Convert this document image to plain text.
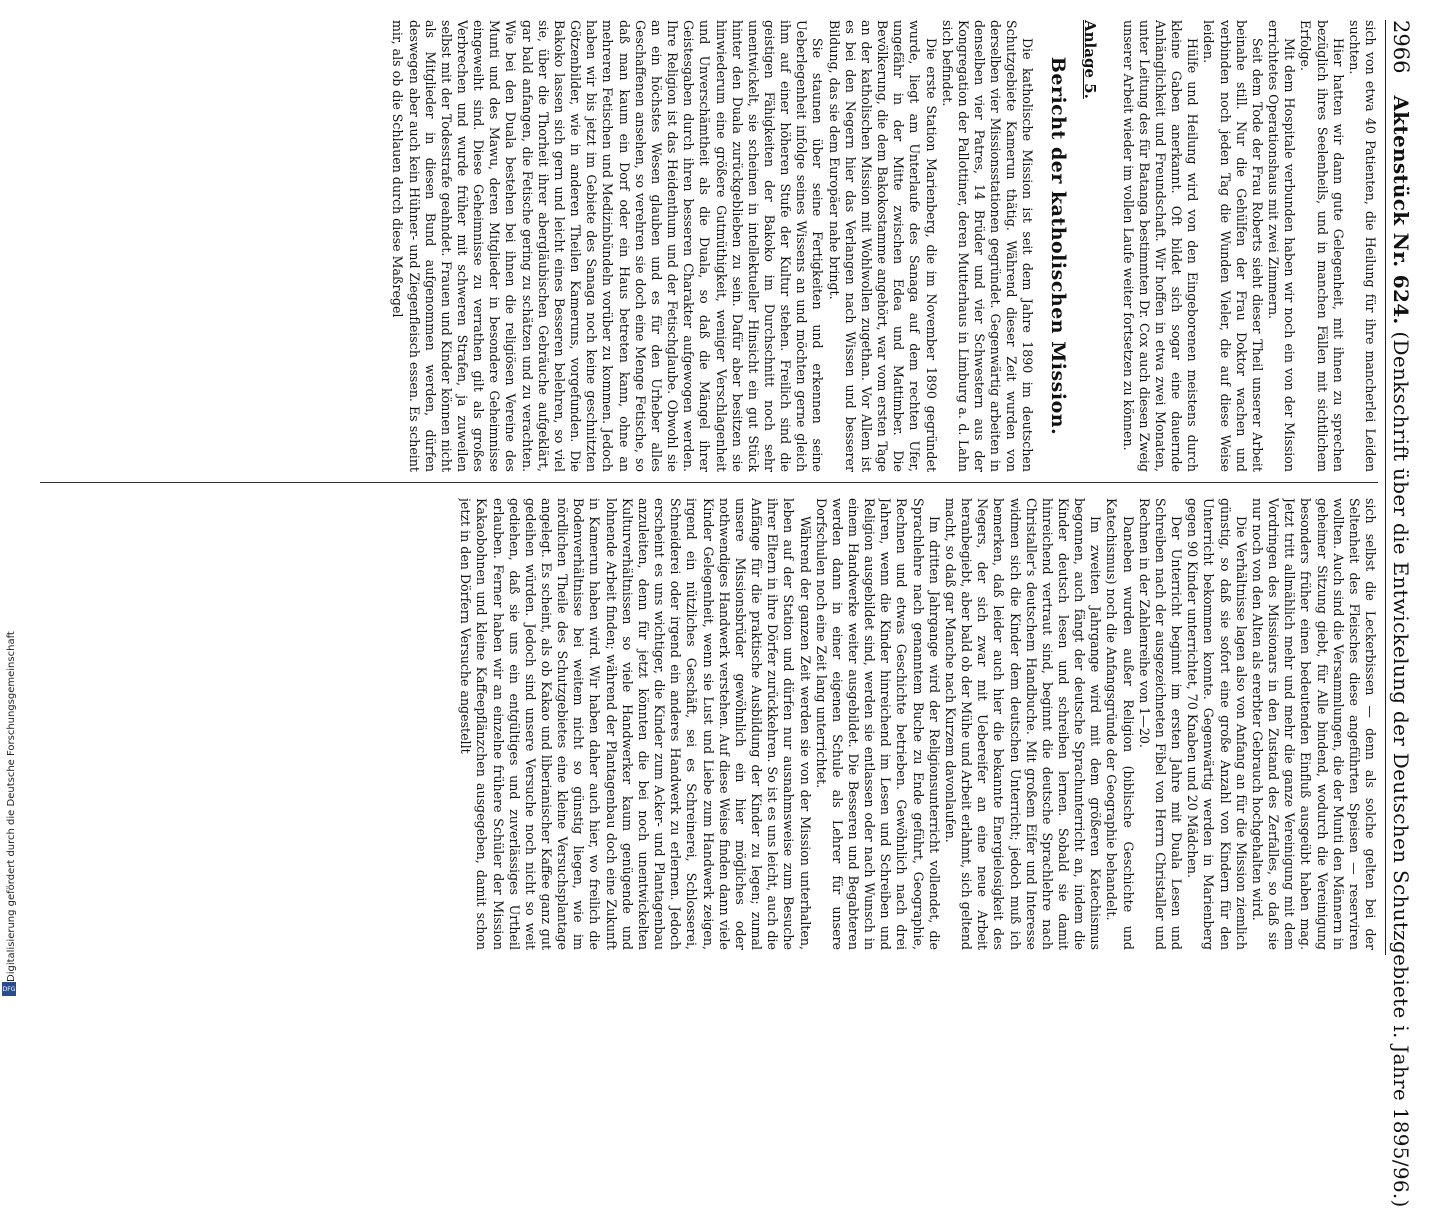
2966
Aktenstück Nr. 624. (Denkschrift über die Entwickelung der Deutschen Schutzgebiete i. Jahre 1895/96.)

sich von etwa 40 Patienten, die Heilung für ihre mancherlei Leiden suchten.

Hier hatten wir dann gute Gelegenheit, mit ihnen zu sprechen bezüglich ihres Seelenheils, und in manchen Fällen mit sichtlichem Erfolge.

Mit dem Hospitale verbunden haben wir noch ein von der Mission errichtetes Operationshaus mit zwei Zimmern.

Seit dem Tode der Frau Roberts sieht dieser Theil unserer Arbeit beinahe still. Nur die Gehülfen der Frau Doktor wachen und verbinden noch jeden Tag die Wunden Vieler, die auf diese Weise leiden.

Hülfe und Heilung wird von den Eingeborenen meistens durch kleine Gaben anerkannt. Oft bildet sich sogar eine dauernde Anhänglichkeit und Freundschaft. Wir hoffen in etwa zwei Monaten, unter Leitung des für Batanga bestimmten Dr. Cox auch diesen Zweig unserer Arbeit wieder im vollen Laufe weiter fortsetzen zu können.

Anlage 5.
Bericht der katholischen Mission.

Die katholische Mission ist seit dem Jahre 1890 im deutschen Schutzgebiete Kamerun thätig. Während dieser Zeit wurden von derselben vier Missionsstationen gegründet. Gegenwärtig arbeiten in denselben vier Patres, 14 Brüder und vier Schwestern aus der Kongregation der Pallottiner, deren Mutterhaus in Limburg a. d. Lahn sich befindet.

Die erste Station Marienberg, die im November 1890 gegründet wurde, liegt am Unterlaufe des Sanaga auf dem rechten Ufer, ungefähr in der Mitte zwischen Edea und Mattimber. Die Bevölkerung, die dem Bakokostamme angehört, war vom ersten Tage an der katholischen Mission mit Wohlwollen zugethan. Vor Allem ist es bei den Negern hier das Verlangen nach Wissen und besserer Bildung, das sie dem Europäer nahe bringt.

Sie staunen über seine Fertigkeiten und erkennen seine Ueberlegenheit infolge seines Wissens an und möchten gerne gleich ihm auf einer höheren Stufe der Kultur stehen. Freilich sind die geistigen Fähigkeiten der Bakoko im Durchschnitt noch sehr unentwickelt, sie scheinen in intellektueller Hinsicht ein gut Stück hinter den Duala zurückgeblieben zu sein. Dafür aber besitzen sie hinwiederum eine größere Gutmüthigkeit, weniger Verschlagenheit und Unverschämtheit als die Duala, so daß die Mängel ihrer Geistesgaben durch ihren besseren Charakter aufgewogen werden. Ihre Religion ist das Heidenthum und der Fetischglaube. Obwohl sie an ein höchstes Wesen glauben und es für den Urheber alles Geschaffenen ansehen, so verehren sie doch eine Menge Fetische, so daß man kaum ein Dorf oder ein Haus betreten kann, ohne an mehreren Fetischen und Medizinbündeln vorüber zu kommen. Jedoch haben wir bis jetzt im Gebiete des Sanaga noch keine geschnitzten Götzenbilder, wie in anderen Theilen Kameruns, vorgefunden. Die Bakoko lassen sich gern und leicht eines Besseren belehren, so viel sie, über die Thorheit ihrer abergläubischen Gebräuche aufgeklärt, gar bald anfangen, die Fetische gering zu schätzen und zu verachten. Wie bei den Duala bestehen bei ihnen die religiösen Vereine des Munti und des Mawu, deren Mitglieder in besondere Geheimnisse eingeweiht sind. Diese Geheimnisse zu verrathen gilt als großes Verbrechen und wurde früher mit schweren Strafen, ja zuweilen selbst mit der Todesstrafe geahndet. Frauen und Kinder können nicht als Mitglieder in diesen Bund aufgenommen werden, dürfen deswegen aber auch kein Hühner- und Ziegenfleisch essen. Es scheint mir, als ob die Schlauen durch diese Maßregel

sich selbst die Leckerbissen — denn als solche gelten bei der Seltenheit des Fleisches diese angeführten Speisen — reserviren wollten. Auch sind die Versammlungen, die der Munti den Männern in geheimer Sitzung giebt, für Alle bindend, wodurch die Vereinigung besonders früher einen bedeutenden Einfluß ausgeübt haben mag. Jetzt tritt allmählich mehr und mehr die ganze Vereinigung mit dem Vordringen des Missionars in den Zustand des Zerfalles, so daß sie nur noch von den Alten als ererbter Gebrauch hochgehalten wird.

Die Verhältnisse lagen also von Anfang an für die Mission ziemlich günstig, so daß sie sofort eine große Anzahl von Kindern für den Unterricht bekommen konnte. Gegenwärtig werden in Marienberg gegen 90 Kinder unterrichtet, 70 Knaben und 20 Mädchen.

Der Unterricht beginnt im ersten Jahre mit Duala Lesen und Schreiben nach der ausgezeichneten Fibel von Herrn Christaller und Rechnen in der Zahlenreihe von 1—20.

Daneben wurden außer Religion (biblische Geschichte und Katechismus) noch die Anfangsgründe der Geographie behandelt.

Im zweiten Jahrgange wird mit dem größeren Katechismus begonnen, auch fängt der deutsche Sprachunterricht an, indem die Kinder deutsch lesen und schreiben lernen. Sobald sie damit hinreichend vertraut sind, beginnt die deutsche Sprachlehre nach Christaller's deutschem Handbuche. Mit großem Eifer und Interesse widmen sich die Kinder dem deutschen Unterricht; jedoch muß ich bemerken, daß leider auch hier die bekannte Energielosigkeit des Negers, der sich zwar mit Uebereifer an eine neue Arbeit heranbegiebt, aber bald ob der Mühe und Arbeit erlahmt, sich geltend macht, so daß gar Manche nach Kurzem davonlaufen.

Im dritten Jahrgange wird der Religionsunterricht vollendet, die Sprachlehre nach genanntem Buche zu Ende geführt, Geographie, Rechnen und etwas Geschichte betrieben. Gewöhnlich nach drei Jahren, wenn die Kinder hinreichend im Lesen und Schreiben und Religion ausgebildet sind, werden sie entlassen oder nach Wunsch in einem Handwerke weiter ausgebildet. Die Besseren und Begabteren werden dann in einer eigenen Schule als Lehrer für unsere Dorfschulen noch eine Zeit lang unterrichtet.

Während der ganzen Zeit werden sie von der Mission unterhalten, leben auf der Station und dürfen nur ausnahmsweise zum Besuche ihrer Eltern in ihre Dörfer zurückkehren. So ist es uns leicht, auch die Anfänge für die praktische Ausbildung der Kinder zu legen; zumal unsere Missionsbrüder gewöhnlich ein hier mögliches oder nothwendiges Handwerk verstehen. Auf diese Weise finden dann viele Kinder Gelegenheit, wenn sie Lust und Liebe zum Handwerk zeigen, irgend ein nützliches Geschäft, sei es Schreinerei, Schlosserei, Schneiderei oder irgend ein anderes Handwerk zu erlernen. Jedoch erscheint es uns wichtiger, die Kinder zum Acker- und Plantagenbau anzuleiten, denn für jetzt könnten die bei noch unentwickelten Kulturverhältnissen so viele Handwerker kaum genügende und lohnende Arbeit finden; während der Plantagenbau doch eine Zukunft in Kamerun haben wird. Wir haben daher auch hier, wo freilich die Bodenverhältnisse bei weitem nicht so günstig liegen, wie im nördlichen Theile des Schutzgebietes eine kleine Versuchsplantage angelegt. Es scheint, als ob Kakao und liberianischer Kaffee ganz gut gedeihen würden. Jedoch sind unsere Versuche noch nicht so weit gediehen, daß sie uns ein entgültiges und zuverlässiges Urtheil erlauben. Ferner haben wir an einzelne frühere Schüler der Mission Kakaobohnen und kleine Kaffeepflänzchen ausgegeben, damit schon jetzt in den Dörfern Versuche angestellt

DFG
Digitalisierung gefördert durch die Deutsche Forschungsgemeinschaft
